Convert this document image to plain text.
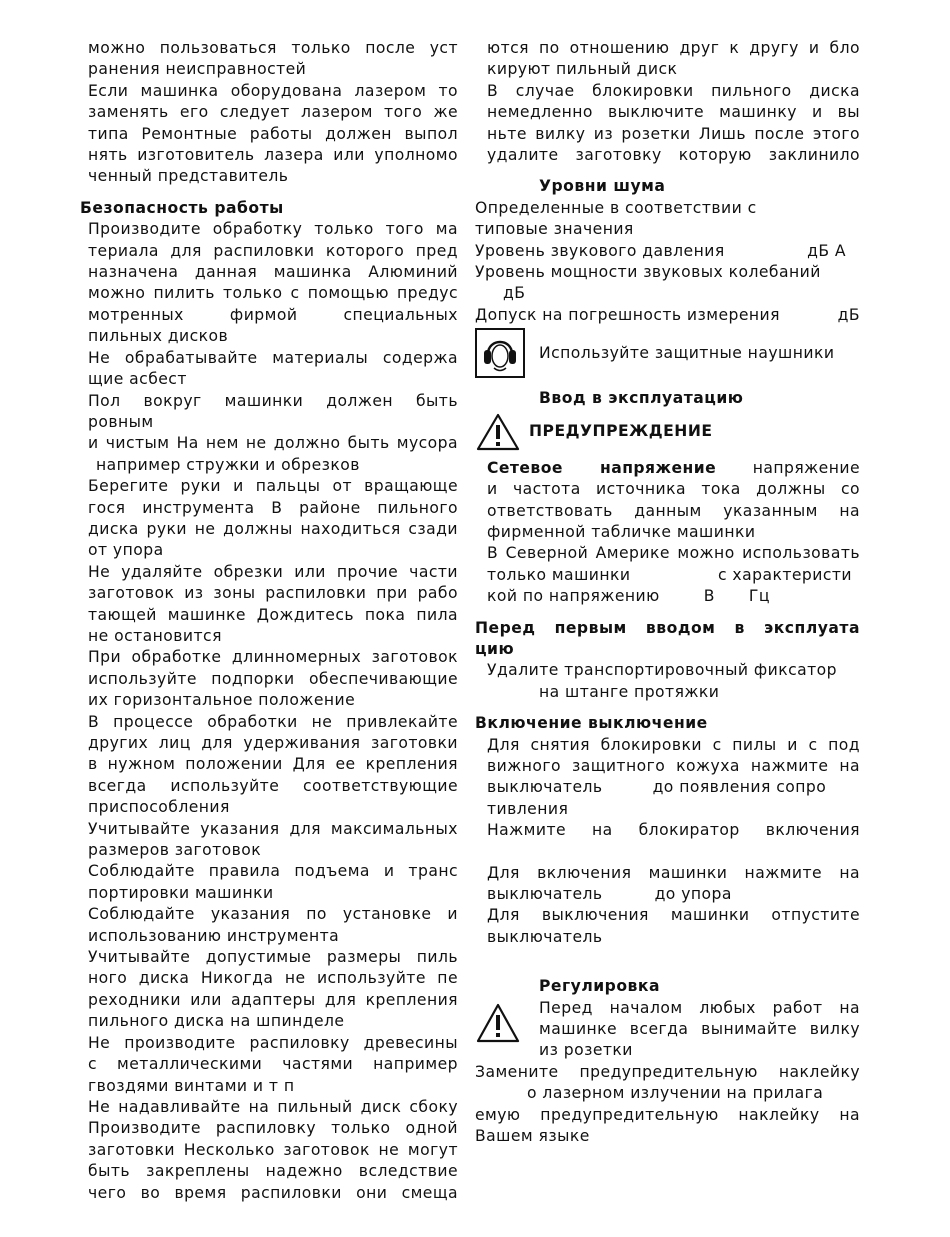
можно пользоваться только после уст

ранения неисправностей

Если машинка оборудована лазером то

заменять его следует лазером того же

типа Ремонтные работы должен выпол

нять изготовитель лазера или уполномо

ченный представитель

Безопасность работы

Производите обработку только того ма

териала для распиловки которого пред

назначена данная машинка Алюминий

можно пилить только с помощью предус

мотренных фирмой специальных

пильных дисков

Не обрабатывайте материалы содержа

щие асбест

Пол вокруг машинки должен быть ровным

и чистым На нем не должно быть мусора

например стружки и обрезков

Берегите руки и пальцы от вращающе

гося инструмента В районе пильного

диска руки не должны находиться сзади

от упора

Не удаляйте обрезки или прочие части

заготовок из зоны распиловки при рабо

тающей машинке Дождитесь пока пила

не остановится

При обработке длинномерных заготовок

используйте подпорки обеспечивающие

их горизонтальное положение

В процессе обработки не привлекайте

других лиц для удерживания заготовки

в нужном положении Для ее крепления

всегда используйте соответствующие

приспособления

Учитывайте указания для максимальных

размеров заготовок

Соблюдайте правила подъема и транс

портировки машинки

Соблюдайте указания по установке и

использованию инструмента

Учитывайте допустимые размеры пиль

ного диска Никогда не используйте пе

реходники или адаптеры для крепления

пильного диска на шпинделе

Не производите распиловку древесины

с металлическими частями например

гвоздями винтами и т п

Не надавливайте на пильный диск сбоку

Производите распиловку только одной

заготовки Несколько заготовок не могут

быть закреплены надежно вследствие

чего во время распиловки они смеща

ются по отношению друг к другу и бло

кируют пильный диск

В случае блокировки пильного диска

немедленно выключите машинку и вы

ньте вилку из розетки Лишь после этого

удалите заготовку которую заклинило

Уровни шума

Определенные в соответствии с

типовые значения

Уровень звукового давления	дБ А

Уровень мощности звуковых колебаний

дБ

Допуск на погрешность измерения	дБ
Используйте защитные наушники
Ввод в эксплуатацию
ПРЕДУПРЕЖДЕНИЕ

Сетевое напряжение напряжение

и частота источника тока должны со

ответствовать данным указанным на

фирменной табличке машинки

В Северной Америке можно использовать

только машинки	с характеристи
кой по напряжению	В	Гц
Перед первым вводом в эксплуата
цию

Удалите транспортировочный фиксатор

на штанге протяжки

Включение выключение

Для снятия блокировки с пилы и с под

вижного защитного кожуха нажмите на

выключатель	до появления сопро

тивления

Нажмите на блокиратор включения

Для включения машинки нажмите на

выключатель	до упора

Для выключения машинки отпустите

выключатель

Регулировка

Перед началом любых работ на

машинке всегда вынимайте вилку

из розетки

Замените предупредительную наклейку

о лазерном излучении на прилага

емую предупредительную наклейку на

Вашем языке
